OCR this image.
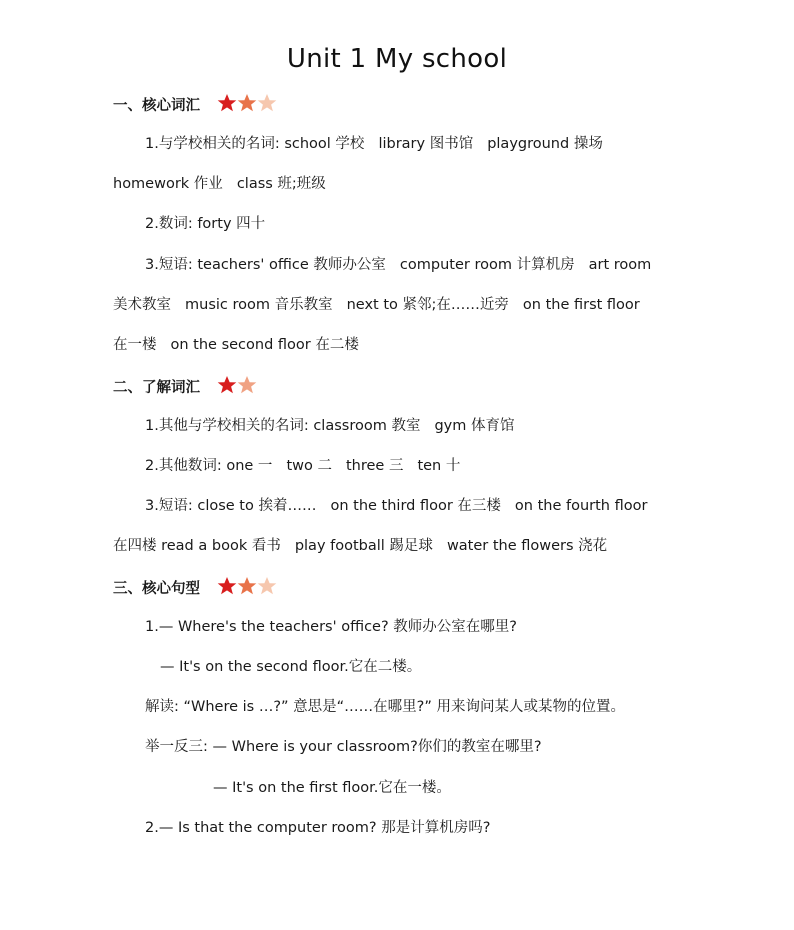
Unit 1 My school
一、核心词汇
1.与学校相关的名词: school 学校 library 图书馆 playground 操场
homework 作业 class 班;班级
2.数词: forty 四十
3.短语: teachers' office 教师办公室 computer room 计算机房 art room
美术教室 music room 音乐教室 next to 紧邻;在……近旁 on the first floor
在一楼 on the second floor 在二楼
二、了解词汇
1.其他与学校相关的名词: classroom 教室 gym 体育馆
2.其他数词: one 一 two 二 three 三 ten 十
3.短语: close to 挨着…… on the third floor 在三楼 on the fourth floor
在四楼 read a book 看书 play football 踢足球 water the flowers 浇花
三、核心句型
1.— Where's the teachers' office? 教师办公室在哪里?
— It's on the second floor.它在二楼。
解读: “Where is …?” 意思是“……在哪里?” 用来询问某人或某物的位置。
举一反三: — Where is your classroom?你们的教室在哪里?
— It's on the first floor.它在一楼。
2.— Is that the computer room? 那是计算机房吗?
